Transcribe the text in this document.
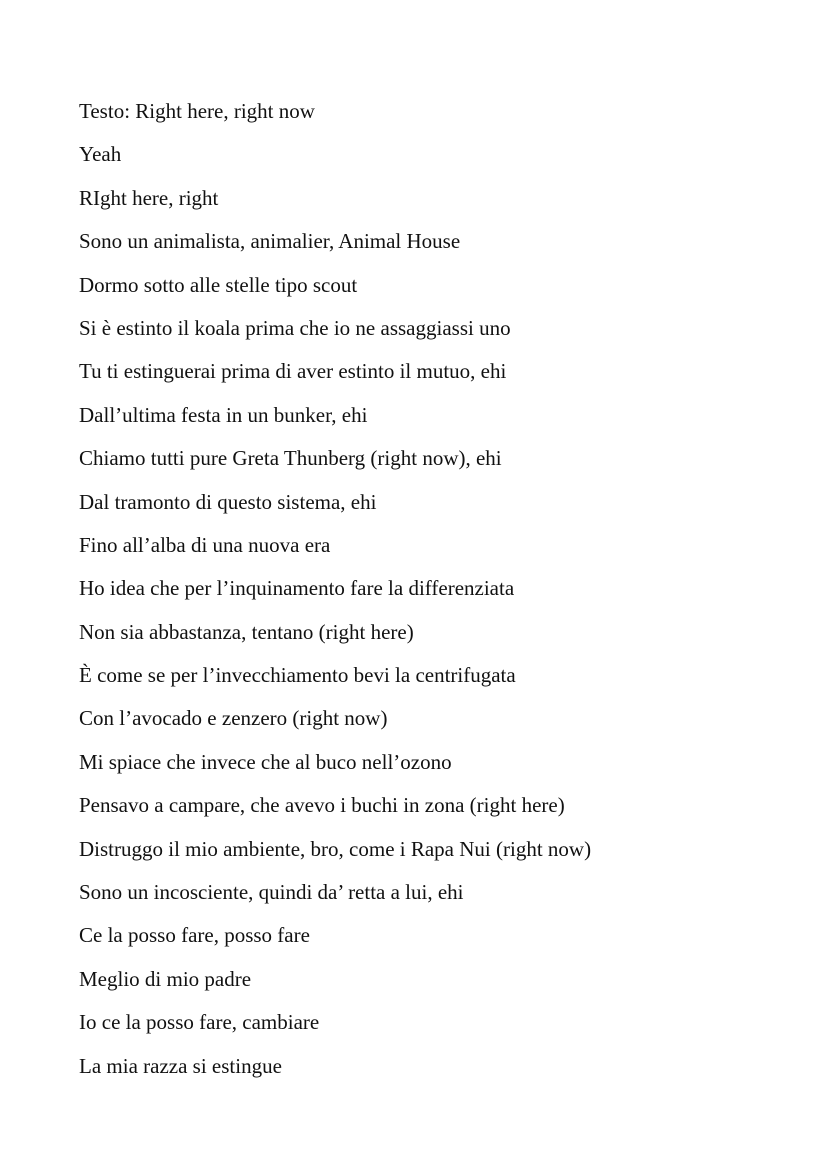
Testo: Right here, right now
Yeah
RIght here, right
Sono un animalista, animalier, Animal House
Dormo sotto alle stelle tipo scout
Si è estinto il koala prima che io ne assaggiassi uno
Tu ti estinguerai prima di aver estinto il mutuo, ehi
Dall’ultima festa in un bunker, ehi
Chiamo tutti pure Greta Thunberg (right now), ehi
Dal tramonto di questo sistema, ehi
Fino all’alba di una nuova era
Ho idea che per l’inquinamento fare la differenziata
Non sia abbastanza, tentano (right here)
È come se per l’invecchiamento bevi la centrifugata
Con l’avocado e zenzero (right now)
Mi spiace che invece che al buco nell’ozono
Pensavo a campare, che avevo i buchi in zona (right here)
Distruggo il mio ambiente, bro, come i Rapa Nui (right now)
Sono un incosciente, quindi da’ retta a lui, ehi
Ce la posso fare, posso fare
Meglio di mio padre
Io ce la posso fare, cambiare
La mia razza si estingue
